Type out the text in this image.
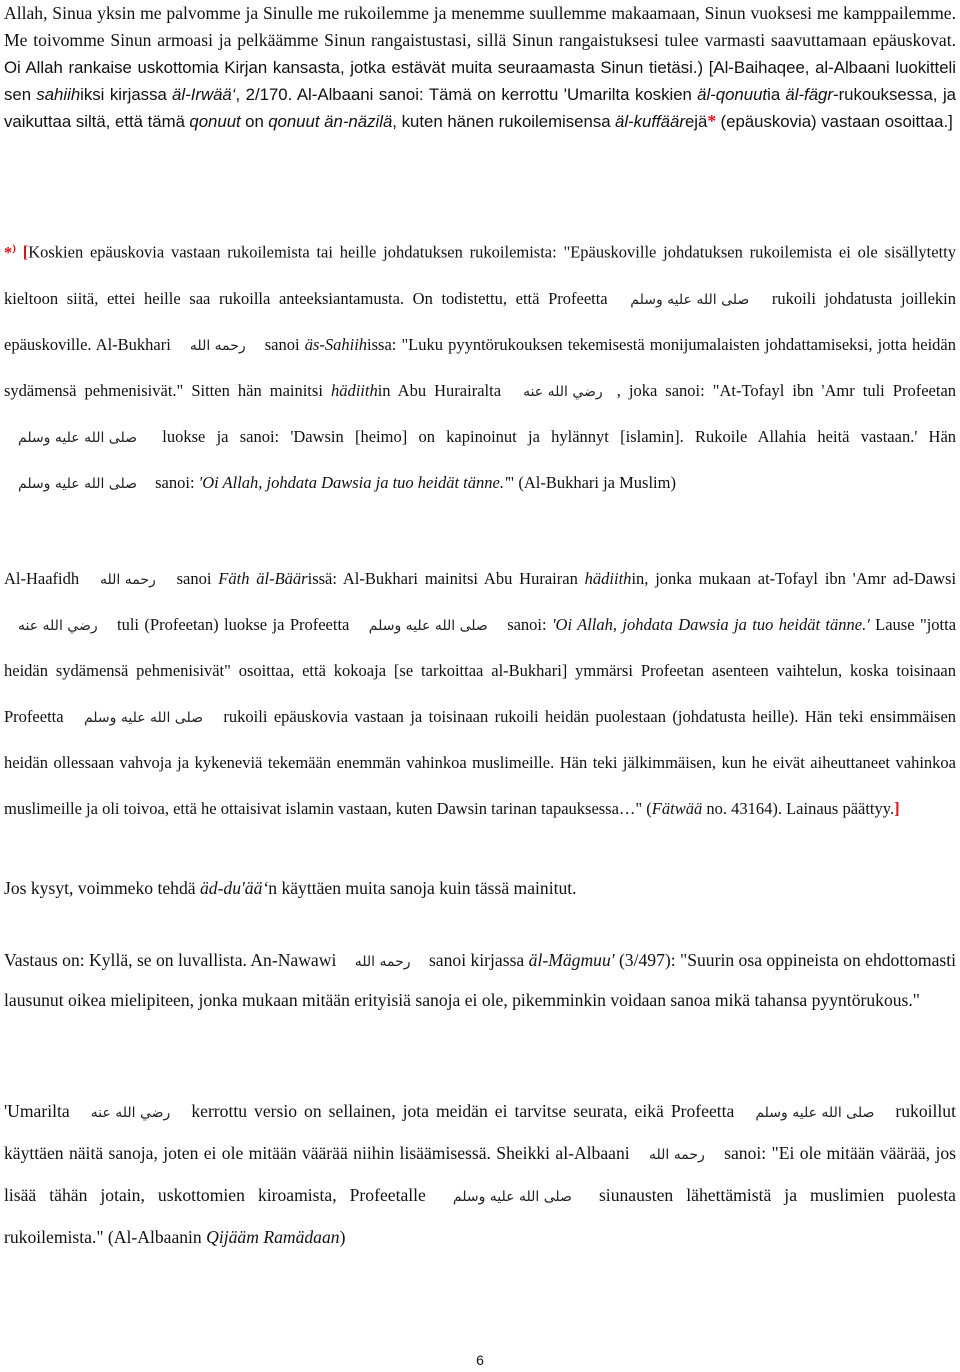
Allah, Sinua yksin me palvomme ja Sinulle me rukoilemme ja menemme suullemme makaamaan, Sinun vuoksesi me kamppailemme. Me toivomme Sinun armoasi ja pelkäämme Sinun rangaistustasi, sillä Sinun rangaistuksesi tulee varmasti saavuttamaan epäuskovat. Oi Allah rankaise uskottomia Kirjan kansasta, jotka estävät muita seuraamasta Sinun tietäsi.) [Al-Baihaqee, al-Albaani luokitteli sen sahiihiksi kirjassa äl-Irwää‘, 2/170. Al-Albaani sanoi: Tämä on kerrottu 'Umarilta koskien äl-qonuutia äl-fägr-rukouksessa, ja vaikuttaa siltä, että tämä qonuut on qonuut än-näzilä, kuten hänen rukoilemisensa äl-kuffäärejä* (epäuskovia) vastaan osoittaa.]

*) [Koskien epäuskovia vastaan rukoilemista tai heille johdatuksen rukoilemista: "Epäuskoville johdatuksen rukoilemista ei ole sisällytetty kieltoon siitä, ettei heille saa rukoilla anteeksiantamusta. On todistettu, että Profeetta صلى الله عليه وسلم rukoili johdatusta joillekin epäuskoville. Al-Bukhari رحمه الله sanoi äs-Sahiihissa: "Luku pyyntörukouksen tekemisestä monijumalaisten johdattamiseksi, jotta heidän sydämensä pehmenisivät." Sitten hän mainitsi hädiithin Abu Hurairalta رضي الله عنه , joka sanoi: "At-Tofayl ibn 'Amr tuli Profeetan صلى الله عليه وسلم luokse ja sanoi: 'Dawsin [heimo] on kapinoinut ja hylännyt [islamin]. Rukoile Allahia heitä vastaan.' Hän صلى الله عليه وسلم sanoi: 'Oi Allah, johdata Dawsia ja tuo heidät tänne.'" (Al-Bukhari ja Muslim)

Al-Haafidh رحمه الله sanoi Fäth äl-Bäärissä: Al-Bukhari mainitsi Abu Hurairan hädiithin, jonka mukaan at-Tofayl ibn 'Amr ad-Dawsi رضي الله عنه tuli (Profeetan) luokse ja Profeetta صلى الله عليه وسلم sanoi: 'Oi Allah, johdata Dawsia ja tuo heidät tänne.' Lause "jotta heidän sydämensä pehmenisivät" osoittaa, että kokoaja [se tarkoittaa al-Bukhari] ymmärsi Profeetan asenteen vaihtelun, koska toisinaan Profeetta صلى الله عليه وسلم rukoili epäuskovia vastaan ja toisinaan rukoili heidän puolestaan (johdatusta heille). Hän teki ensimmäisen heidän ollessaan vahvoja ja kykeneviä tekemään enemmän vahinkoa muslimeille. Hän teki jälkimmäisen, kun he eivät aiheuttaneet vahinkoa muslimeille ja oli toivoa, että he ottaisivat islamin vastaan, kuten Dawsin tarinan tapauksessa…" (Fätwää no. 43164). Lainaus päättyy.]

Jos kysyt, voimmeko tehdä äd-du'ää‘n käyttäen muita sanoja kuin tässä mainitut.

Vastaus on: Kyllä, se on luvallista. An-Nawawi رحمه الله sanoi kirjassa äl-Mägmuu' (3/497): "Suurin osa oppineista on ehdottomasti lausunut oikea mielipiteen, jonka mukaan mitään erityisiä sanoja ei ole, pikemminkin voidaan sanoa mikä tahansa pyyntörukous."

'Umarilta رضي الله عنه kerrottu versio on sellainen, jota meidän ei tarvitse seurata, eikä Profeetta صلى الله عليه وسلم rukoillut käyttäen näitä sanoja, joten ei ole mitään väärää niihin lisäämisessä. Sheikki al-Albaani رحمه الله sanoi: "Ei ole mitään väärää, jos lisää tähän jotain, uskottomien kiroamista, Profeetalle صلى الله عليه وسلم siunausten lähettämistä ja muslimien puolesta rukoilemista." (Al-Albaanin Qijääm Ramädaan)

6
